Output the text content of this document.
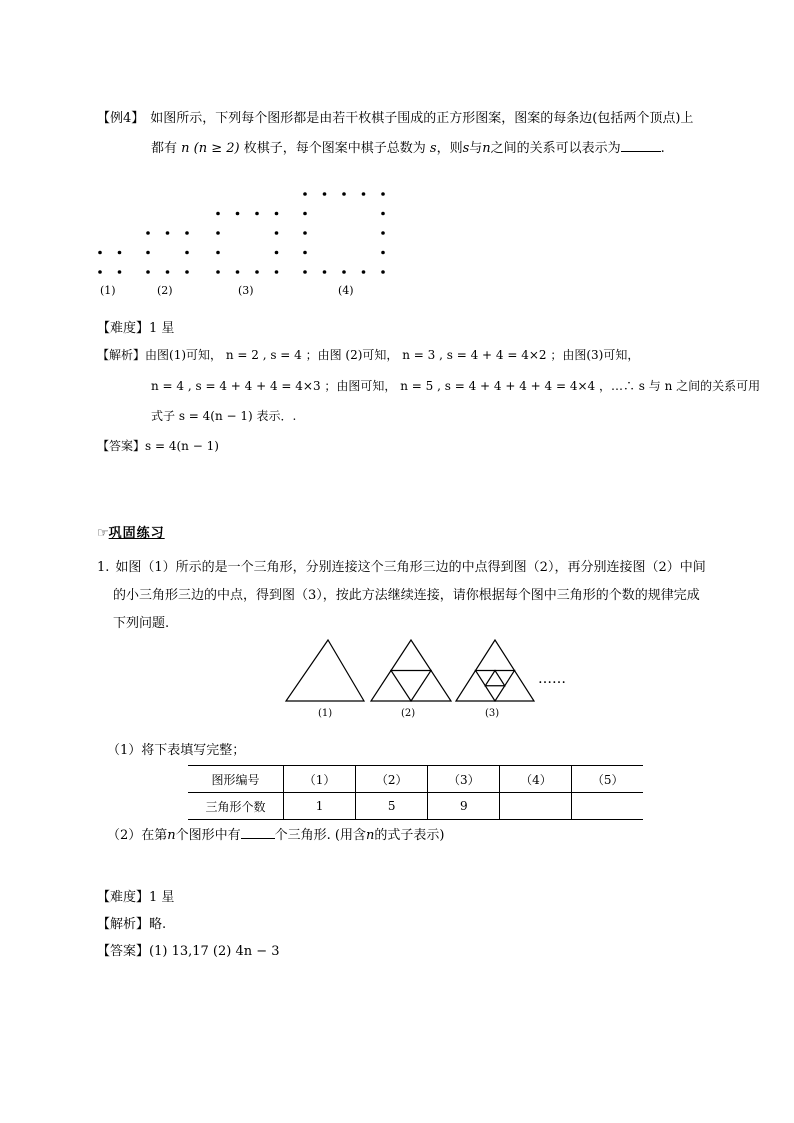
【例4】 如图所示，下列每个图形都是由若干枚棋子围成的正方形图案，图案的每条边(包括两个顶点)上
都有 n (n ≥ 2) 枚棋子，每个图案中棋子总数为 s，则s与n之间的关系可以表示为	.
(1)	(2)	(3)	(4)
【难度】1 星
【解析】由图(1)可知， n = 2 , s = 4 ；由图 (2)可知， n = 3 , s = 4 + 4 = 4×2 ；由图(3)可知，
n = 4 , s = 4 + 4 + 4 = 4×3 ；由图可知， n = 5 , s = 4 + 4 + 4 + 4 = 4×4 ，…∴ s 与 n 之间的关系可用
式子 s = 4(n − 1) 表示．.
【答案】s = 4(n − 1)
☞巩固练习
1. 如图（1）所示的是一个三角形，分别连接这个三角形三边的中点得到图（2），再分别连接图（2）中间
的小三角形三边的中点，得到图（3），按此方法继续连接，请你根据每个图中三角形的个数的规律完成
下列问题.
(1)	(2)	(3)
……
（1）将下表填写完整；
图形编号	（1）	（2）	（3）	（4）	（5）
三角形个数	1	5	9		
（2）在第n个图形中有	个三角形. (用含n的式子表示)
【难度】1 星
【解析】略.
【答案】(1) 13,17 (2) 4n − 3
